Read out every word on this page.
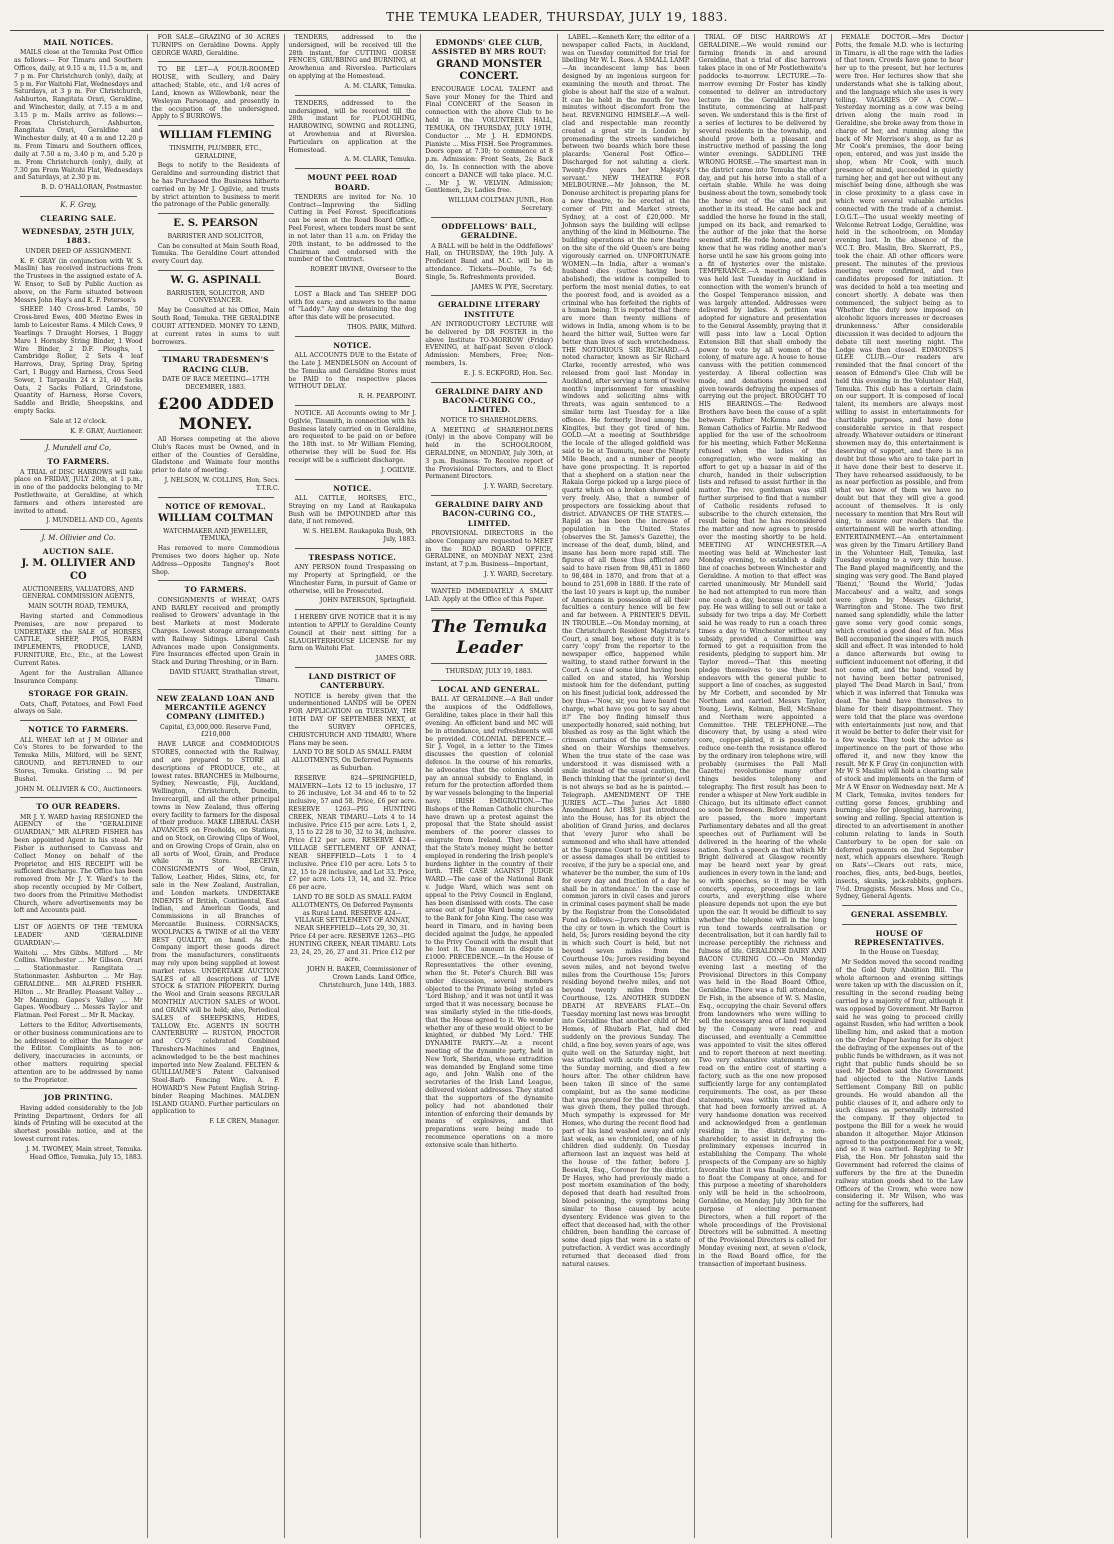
THE TEMUKA LEADER, THURSDAY, JULY 19, 1883.
MAIL NOTICES.

MAILS close at the Temuka Post Office as follows:— For Timaru and Southern Offices, daily, at 9.15 a m, 11.5 a m, and 7 p m. For Christchurch (only), daily, at 5 p m. For Waitohi Flat, Wednesdays and Saturdays, at 3 p m. For Christchurch, Ashburton, Rangitata Orari, Geraldine, and Winchester, daily, at 7.15 a m and 3.15 p m. Mails arrive as follows:— From Christchurch, Ashburton, Rangitata Orari, Geraldine and Winchester daily, at 40 a m and 12.20 p m. From Timaru and Southern offices, daily at 7.50 a m, 3.40 p m, and 5.20 p m. From Christchurch (only), daily, at 7.30 pm From Waitohi Flat, Wednesdays and Saturdays, at 2.30 p m.

B. D. O'HALLORAN, Postmaster.

K. F. Gray,
CLEARING SALE.
WEDNESDAY, 25TH JULY, 1883.

UNDER DEED OF ASSIGNMENT.

K. F. GRAY (in conjunction with W. S. Maslin) has received instructions from the Trustees in the assigned estate of A. W. Ensor, to Sell by Public Auction as above, on the Farm situated between Messrs John Hay's and K. F. Peterson's

SHEEP. 140 Cross-bred Lambs, 50 Cross-bred Ewes, 400 Merino Ewes in lamb to Leicester Rams. 4 Milch Cows, 9 Yearlings 7 Draught Horses, 1 Buggy Mare 1 Hornsby String Binder, 1 Wood Wire Binder, 2 D.F. Ploughs, 1 Cambridge Roller, 2 Sets 4 leaf Harrows, Dray, Spring Dray, Spring Cart, 1 Buggy and Harness, Cross Seed Sower, 1 Tarpaulin 24 x 21, 40 Sacks Oats, 2 Sacks Pollard, Grindstone, Quantity of Harness, Horse Covers, Saddle and Bridle, Sheepskins, and empty Sacks.

Sale at 12 o'clock.

K. F. GRAY, Auctioneer.

J. Mundell and Co,
TO FARMERS.

A TRIAL of DISC HARROWS will take place on FRIDAY, JULY 20th, at 1 p.m., in one of the paddocks belonging to Mr Postlethwaite, at Geraldine, at which farmers and others interested are invited to attend.

J. MUNDELL AND CO., Agents

J. M. Ollivier and Co.
AUCTION SALE.
J. M. OLLIVIER AND CO

AUCTIONEERS, VALUATORS, AND GENERAL COMMISSION AGENTS,

MAIN SOUTH ROAD, TEMUKA,

Having started and Commodious Premises, are now prepared to UNDERTAKE the SALE of HORSES, CATTLE, SHEEP, PIGS, FARM IMPLEMENTS, PRODUCE, LAND, FURNITURE, Etc., Etc., at the Lowest Current Rates.

Agent for the Australian Alliance Insurance Company.

STORAGE FOR GRAIN.

Oats, Chaff, Potatoes, and Fowl Feed always on Sale.

NOTICE TO FARMERS.

ALL WHEAT left at J M Ollivier and Co's Stores to be forwarded to the Temuka Mills, Milford, will be SENT, GROUND, and RETURNED to our Stores, Temuka. Gristing ... 9d per Bushel.

JOHN M. OLLIVIER & CO., Auctioneers.

TO OUR READERS.

MR J. Y. WARD having RESIGNED the AGENCY of the "GERALDINE GUARDIAN," MR ALFRED FISHER has been appointed Agent in his stead. Mr Fisher is authorised to Canvass and Collect Money on behalf of the Proprietor, and HIS RECEIPT will be sufficient discharge. The Office has been removed from Mr J. Y. Ward's to the shop recently occupied by Mr Colbert, two doors from the Primitive Methodist Church, where advertisements may be left and Accounts paid.

LIST OF AGENTS OF THE 'TEMUKA LEADER' AND 'GERALDINE GUARDIAN':—

Waitohi ... Mrs Gibbs. Milford ... Mr Collins. Winchester ... Mr Gibson. Orari ... Stationmaster. Rangitata ... Stationmaster. Ashburton ... Mr Hay. GERALDINE... MR ALFRED FISHER. Hilton ... Mr Bradley. Pleasant Valley ... Mr Manning. Gapes's Valley ... Mr Gapes. Woodbury ... Messrs Taylor and Flatman. Peel Forest ... Mr R. Mackay.

Letters to the Editor, Advertisements, or other business communications are to be addressed to either the Manager or the Editor. Complaints as to non-delivery, inaccuracies in accounts, or other matters requiring special attention are to be addressed by name to the Proprietor.

JOB PRINTING.

Having added considerably to the Job Printing Department, Orders for all kinds of Printing will be executed at the shortest possible notice, and at the lowest current rates.

J. M. TWOMEY, Main street, Temuka. Head Office, Temuka, July 15, 1883.

FOR SALE—GRAZING of 30 ACRES TURNIPS on Geraldine Downs. Apply GEORGE WARD, Geraldine.

TO BE LET—A FOUR-ROOMED HOUSE, with Scullery, and Dairy attached; Stable, etc., and 1/4 acres of Land, known as Willowbank, near the Wesleyan Parsonage, and presently in the occupation of the undersigned. Apply to S BURROWS.

WILLIAM FLEMING

TINSMITH, PLUMBER, ETC., GERALDINE,

Begs to notify to the Residents of Geraldine and surrounding district that he has Purchased the Business hitherto carried on by Mr J. Ogilvie, and trusts by strict attention to business to merit the patronage of the Public generally.

E. S. PEARSON

BARRISTER AND SOLICITOR,

Can be consulted at Main South Road, Temuka. The Geraldine Court attended every Court day.

W. G. ASPINALL

BARRISTER, SOLICITOR, AND CONVEYANCER.

May be Consulted at his Office, Main South Road, Temuka. THE GERALDINE COURT ATTENDED. MONEY TO LEND, at current rates in sums to suit borrowers.

TIMARU TRADESMEN'S RACING CLUB.

DATE OF RACE MEETING—17TH DECEMBER, 1883.

£200 ADDED MONEY.

All Horses competing at the above Club's Races must be Owned, and in either of the Counties of Geraldine, Gladstone and Waimate four months prior to date of meeting.

J. NELSON, W. COLLINS, Hon. Secs. T.T.R.C.

NOTICE OF REMOVAL.
WILLIAM COLTMAN

WATCHMAKER AND JEWELLER, TEMUKA,

Has removed to more Commodious Premises two doors higher up. Note Address—Opposite Tangney's Boot Shop.

TO FARMERS.

CONSIGNMENTS of WHEAT, OATS AND BARLEY received and promptly realised to Growers' advantage in the best Markets at most Moderate Charges. Lowest storage arrangements with Railway Sidings. Liberal Cash Advances made upon Consignments. Fire Insurances effected upon Grain in Stack and During Threshing, or in Barn.

DAVID STUART, Strathallan street, Timaru.

NEW ZEALAND LOAN AND MERCANTILE AGENCY COMPANY (LIMITED.)

Capital, £3,000,000. Reserve Fund, £210,000

HAVE LARGE and COMMODIOUS STORES, connected with the Railway, and are prepared to STORE all descriptions of PRODUCE, etc., at lowest rates. BRANCHES in Melbourne, Sydney, Newcastle, Fiji, Auckland, Wellington, Christchurch, Dunedin, Invercargill, and all the other principal towns in New Zealand, thus offering every facility to farmers for the disposal of their produce. MAKE LIBERAL CASH ADVANCES on Freeholds, on Stations, and on Stock, on Growing Clips of Wool, and on Growing Crops of Grain, also on all sorts of Wool, Grain, and Produce while in Store. RECEIVE CONSIGNMENTS of Wool, Grain, Tallow, Leather, Hides, Skins, etc, for sale in the New Zealand, Australian, and London markets. UNDERTAKE INDENTS of British, Continental, East Indian, and American Goods, and Commissions in all Branches of Mercantile Business. CORNSACKS, WOOLPACKS & TWINE of all the VERY BEST QUALITY, on hand. As the Company import these goods direct from the manufacturers, constituents may rely upon being supplied at lowest market rates. UNDERTAKE AUCTION SALES of all descriptions of LIVE STOCK & STATION PROPERTY. During the Wool and Grain seasons REGULAR MONTHLY AUCTION SALES of WOOL and GRAIN will be held; also, Periodical SALES of SHEEPSKINS, HIDES, TALLOW, Etc. AGENTS IN SOUTH CANTERBURY — RUSTON, PROCTOR and CO'S celebrated Combined Threshers-Machines and Engines, acknowledged to be the best machines imported into New Zealand. FELTEN & GUILLIAUME'S Patent Galvanised Steel-Barb Fencing Wire. A. F. HOWARD'S New Patent English String-binder Reaping Machines. MALDEN ISLAND GUANO. Further particulars on application to

F. LE CREN, Manager.

TENDERS, addressed to the undersigned, will be received till the 28th instant, for CUTTING GORSE FENCES, GRUBBING and BURNING, at Arowhenua and Riverslea. Particulars on applying at the Homestead.

A. M. CLARK, Temuka.

TENDERS, addressed to the undersigned, will be received till the 28th instant for PLOUGHING, HARROWING, SOWING and ROLLING, at Arowhenua and at Riverslea. Particulars on application at the Homestead.

A. M. CLARK, Temuka.

MOUNT PEEL ROAD BOARD.

TENDERS are invited for No. 10 Contract—Improving the Sidling Cutting in Peel Forest. Specifications can be seen at the Road Board Office, Peel Forest, where tenders must be sent in not later than 11 a.m. on Friday the 20th instant, to be addressed to the Chairman and endorsed with the number of the Contract.

ROBERT IRVINE, Overseer to the Board.

LOST a Black and Tan SHEEP DOG with fox ears; and answers to the name of "Laddy." Any one detaining the dog after this date will be prosecuted.

THOS. PARK, Milford.

NOTICE.

ALL ACCOUNTS DUE to the Estate of the Late J. MENDELSON on Account of the Temuka and Geraldine Stores must be PAID to the respective places WITHOUT DELAY.

R. H. PEARPOINT.

NOTICE. All Accounts owing to Mr J. Ogilvie, Tinsmith, in connection with his Business lately carried on in Geraldine, are requested to be paid on or before the 18th inst. to Mr William Fleming, otherwise they will be Sued for. His receipt will be a sufficient discharge.

J. OGILVIE.

NOTICE.

ALL CATTLE, HORSES, ETC., Straying on my Land at Raukapuka Bush will be IMPOUNDED after this date, if not removed.

W. S. HELEM. Raukapuka Bush, 9th July, 1883.

TRESPASS NOTICE.

ANY PERSON found Trespassing on my Property at Springfield, or the Winchester Farm, in pursuit of Game or otherwise, will be Prosecuted.

JOHN PATERSON, Springfield.

I HEREBY GIVE NOTICE that it is my intention to APPLY to Geraldine County Council at their next sitting for a SLAUGHTERHOUSE LICENSE for my farm on Waitohi Flat.

JAMES ORR.

LAND DISTRICT OF CANTERBURY.

NOTICE is hereby given that the undermentioned LANDS will be OPEN FOR APPLICATION on TUESDAY, THE 18TH DAY OF SEPTEMBER NEXT, at the SURVEY OFFICES, CHRISTCHURCH AND TIMARU, Where Plans may be seen.

LAND TO BE SOLD AS SMALL FARM ALLOTMENTS, On Deferred Payments as Suburban.

RESERVE 824—SPRINGFIELD, MALVERN—Lots 12 to 15 inclusive, 17 to 26 inclusive, Lot 34 and 46 to to 52 inclusive, 57 and 58. Price, £6 per acre. RESERVE 1263—PIG HUNTING CREEK, NEAR TIMARU—Lots 4 to 14 inclusive. Price £15 per acre. Lots 1, 2, 3, 15 to 22 28 to 30, 32 to 34, inclusive. Price £12 per acre. RESERVE 424—VILLAGE SETTLEMENT OF ANNAT, NEAR SHEFFIELD—Lots 1 to 4 inclusive. Price £10 per acre. Lots 5 to 12, 15 to 28 inclusive, and Lot 33. Price, £7 per acre. Lots 13, 14, and 32. Price £6 per acre.

LAND TO BE SOLD AS SMALL FARM ALLOTMENTS, On Deferred Payments as Rural Land. RESERVE 424—VILLAGE SETTLEMENT OF ANNAT, NEAR SHEFFIELD—Lots 29, 30, 31. Price £4 per acre. RESERVE 1263—PIG HUNTING CREEK, NEAR TIMARU. Lots 23, 24, 25, 26, 27 and 31. Price £12 per acre.

JOHN H. BAKER, Commissioner of Crown Lands. Land Office, Christchurch, June 14th, 1883.

EDMONDS' GLEE CLUB, ASSISTED BY MRS ROUT:
GRAND MONSTER CONCERT.

ENCOURAGE LOCAL TALENT and Save your Money for the Third and Final CONCERT of the Season in connection with the above Club to be held in the VOLUNTEER HALL, TEMUKA, ON THURSDAY, JULY 19TH, Conductor ... Mr J. H. EDMONDS. Pianiste ... Miss FISH. See Programmes. Doors open at 7.30; to commence at 8 p.m. Admission: Front Seats, 2s; Back do, 1s. In connection with the above concert a DANCE will take place. M.C. ... Mr J. W. VELVIN. Admission; Gentlemen, 2s; Ladies free.

WILLIAM COLTMAN JUNR., Hon Secretary.

ODDFELLOWS' BALL, GERALDINE.

A BALL will be held in the Oddfellows' Hall, on THURSDAY, the 19th July. A Proficient Band and M.C. will be in attendance. Tickets—Double, 7s 6d; Single, 5s. Refreshments provided.

JAMES W. PYE, Secretary.

GERALDINE LITERARY INSTITUTE

AN INTRODUCTORY LECTURE will be delivered by DR FOSTER in the above Institute TO-MORROW (Friday) EVENING, at half-past Seven o'clock. Admission: Members, Free; Non-members, 1s.

E. J. S. ECKFORD, Hon. Sec.

GERALDINE DAIRY AND BACON-CURING CO., LIMITED.

NOTICE TO SHAREHOLDERS.

A MEETING of SHAREHOLDERS (Only) in the above Company will be held in the SCHOOLROOM, GERALDINE, on MONDAY, July 30th, at 3 p.m. Business: To Receive report of the Provisional Directors, and to Elect Permanent Directors.

J. Y. WARD, Secretary.

GERALDINE DAIRY AND BACON-CURING CO., LIMITED.

PROVISIONAL DIRECTORS in the above Company are requested to MEET in the ROAD BOARD OFFICE, GERALDINE, on MONDAY NEXT, 23rd instant, at 7 p.m. Business—Important,

J. Y. WARD, Secretary.

WANTED IMMEDIATELY A SMART LAD. Apply at the Office of this Paper.

The Temuka Leader

THURSDAY, JULY 19, 1883.

LOCAL AND GENERAL.

BALL AT GERALDINE.—A Ball under the auspices of the Oddfellows, Geraldine, takes place in their hall this evening. An efficient band and MC will be in attendance, and refreshments will be provided. COLONIAL DEFENCE.—Sir J. Vogel, in a letter to the Times discusses the question of colonial defence. In the course of his remarks, he advocates that the colonies should pay an annual subsidy to England, in return for the protection afforded them by war vessels belonging to the Imperial navy. IRISH EMIGRATION.—The Bishops of the Roman Catholic churches have drawn up a protest against the proposal that the State should assist members of the poorer classes to emigrate from Ireland. They contend that the State's money might be better employed in rendering the Irish people's burdens lighter in the country of their birth. THE CASE AGAINST JUDGE WARD.—The case of the National Bank v. Judge Ward, which was sent on appeal to the Privy Council in England, has been dismissed with costs. The case arose out of Judge Ward being security to the Bank for John King. The case was heard in Timaru, and in having been decided against the Judge, he appealed to the Privy Council with the result that he lost it. The amount in dispute is £1000. PRECEDENCE.—In the House of Representatives the other evening, when the St. Peter's Church Bill was under discussion, several members objected to the Primate being styled as 'Lord Bishop,' and it was not until it was urged that it was necessary, because he was similarly styled in the title-deeds, that the House agreed to it. We wonder whether any of these would object to be knighted, or dubbed 'My Lord.' THE DYNAMITE PARTY.—At a recent meeting of the dynamite party, held in New York, Sheridan, whose extradition was demanded by England some time ago, and John Walsh one of the secretaries of the Irish Land League, delivered violent addresses. They stated that the supporters of the dynamite policy had not abandoned their intention of enforcing their demands by means of explosives, and that preparations were being made to recommence operations on a more extensive scale than hitherto.

LABEL.—Kenneth Kerr, the editor of a newspaper called Facts, in Auckland, was on Tuesday committed for trial for libelling Mr W. L. Rees. A SMALL LAMP.—An incandescent lamp has been designed by an ingenious surgeon for examining the mouth and throat. The globe is about half the size of a walnut. It can be held in the mouth for two minutes without discomfort from the heat. REVENGING HIMSELF.—A well-clad and respectable man recently created a great stir in London by promenading the streets sandwiched between two boards which bore these placards: 'General Post Office—Discharged for not saluting a clerk. Twenty-five years her Majesty's servant.' NEW THEATRE FOR MELBOURNE.—Mr Johnson, the M. Donouse architect is preparing plans for a new theatre, to be erected at the corner of Pitt and Market streets, Sydney, at a cost of £20,000. Mr Johnson says the building will eclipse anything of the kind in Melbourne. The building operations at the new theatre on the site of the old Queen's are being vigorously carried on. UNFORTUNATE WOMEN.—In India, after a woman's husband dies (suttee having been abolished), the widow is compelled to perform the most menial duties, to eat the poorest food, and is avoided as a criminal who has forfeited the rights of a human being. It is reported that there are more than twenty millions of widows in India, among whom is to be heard the bitter wail, Suttee were far better than lives of such wretchedness. THE NOTORIOUS SIR RICHARD.—A noted character, known as Sir Richard Clarke, recently arrested, who was released from gaol last Monday in Auckland, after serving a term of twelve month's imprisonment for smashing windows and soliciting alms with threats, was again sentenced to a similar term last Tuesday for a like offence. He formerly lived among the Kingites, but they got tired of him. GOLD.—At a meeting at Southbridge the locale of the alleged goldfield was said to be at Taumutu, near the Ninety Mile Beach, and a number of people have gone prospecting. It is reported that a shepherd on a station near the Rakaia Gorge picked up a large piece of quartz which on a broken showed gold very freely. Also, that a number of prospectors are fossicking about that district. ADVANCES OF THE STATES.—Rapid as has been the increase of population in the United States (observes the St. James's Gazette), the increase of the deaf, dumb, blind, and insane has been more rapid still. The figures of all those thus afflicted are said to have risen from 98,451 in 1860 to 98,484 in 1870, and from that at a bound to 251,698 in 1880. If the rate of the last 10 years is kept up, the number of Americans in possession of all their faculties a century hence will be few and far between. A PRINTER'S DEVIL IN TROUBLE.—On Monday morning, at the Christchurch Resident Magistrate's Court, a small boy, whose duty it is to carry 'copy' from the reporter to the newspaper office, happened while waiting, to stand rather forward in the Court. A case of some kind having been called on and stated, his Worship mistook him for the defendant, putting on his finest judicial look, addressed the boy thus—'Now, sir, you have heard the charge, what have you got to say about it?' The boy finding himself thus unexpectedly honored, said nothing, but blushed as rosy as the light which the crimson curtains of the new cemetery shed on their Worships themselves. When the true state of the case was understood it was dismissed with a smile instead of the usual caution, the Bench thinking that the (printer's) devil is not always so bad as he is painted.—Telegraph. AMENDMENT OF THE JURIES ACT.—The Juries Act 1880 Amendment Act 1883 just introduced into the House, has for its object the abolition of Grand Juries, and declares that 'every Juror who shall be summoned and who shall have attended at the Supreme Court to try civil issues or assess damages shall be entitled to receive, if the jury be a special one, and whatever be the number, the sum of 10s for every day and fraction of a day he shall be in attendance.' In the case of common jurors in civil cases and jurors in criminal cases payment shall be made by the Registrar from the Consolidated Fund as follows:—Jurors residing within the city or town in which the Court is held, 5s; Jurors residing beyond the city in which such Court is held, but not beyond seven miles from the Courthouse 10s; Jurors residing beyond seven miles, and not beyond twelve miles from the Courthouse 15s; Jurors residing beyond twelve miles, and not beyond twenty miles from the Courthouse, 12s. ANOTHER SUDDEN DEATH AT REVEARS FLAT.—On Tuesday morning last news was brought into Geraldine that another child of Mr Homes, of Rhubarb Flat, had died suddenly on the previous Sunday. The child, a fine boy, seven years of age, was quite well on the Saturday night, but was attacked with acute dysentery on the Sunday morning, and died a few hours after. The other children have been taken ill since of the same complaint, but as the same medicine that was procured for the one that died was given them, they pulled through. Much sympathy is expressed for Mr Homes, who during the recent flood had part of his land washed away and only last week, as we chronicled, one of his children died suddenly. On Tuesday afternoon last an inquest was held at the house of the father, before J. Beswick, Esq., Coroner for the district. Dr Hayes, who had previously made a post mortem examination of the body, deposed that death had resulted from blood poisoning, the symptoms being similar to those caused by acute dysentery. Evidence was given to the effect that deceased had, with the other children, been handling the carcase of some dead pigs that were in a state of putrefaction. A verdict was accordingly returned that deceased died from natural causes.

TRIAL OF DISC HARROWS AT GERALDINE.—We would remind our farming friends in and around Geraldine, that a trial of disc harrows takes place in one of Mr Postlethwaite's paddocks to-morrow. LECTURE.—To-morrow evening Dr Foster has kindly consented to deliver an introductory lecture in the Geraldine Literary Institute, commencing at half-past seven. We understand this is the first of a series of lectures to be delivered by several residents in the township, and should prove both a pleasant and instructive method of passing the long winter evenings. SADDLING THE WRONG HORSE.—The smartest man in the district came into Temuka the other day, and put his horse into a stall of a certain stable. While he was doing business about the town, somebody took the horse out of the stall and put another in its stead. He came back and saddled the horse he found in the stall, jumped on its back, and remarked to the author of the joke that the horse seemed stiff. He rode home, and never knew that he was riding another man's horse until he saw his groom going into a fit of hysterics over the mistake. TEMPERANCE.—A meeting of ladies was held last Tuesday in Auckland in connection with the women's branch of the Gospel Temperance mission, and was largely attended. Addresses were delivered by ladies. A petition was adopted for signature and presentation to the General Assembly, praying that it will pass into law a Local Option Extension Bill that shall embody the power to vote by all women of the colony, of mature age. A house to house canvass with the petition commenced yesterday. A liberal collection was made, and donations promised and given towards defraying the expenses of carrying out the project. BROUGHT TO HIS BEARINGS.—The Redwood Brothers have been the cause of a split between Father McKenna and the Roman Catholics of Fairlie. Mr Redwood applied for the use of the schoolroom for his meeting, which Father McKenna refused when the ladies of the congregation, who were making an effort to get up a bazaar in aid of the church, handed in their subscription lists and refused to assist further in the matter. The rev. gentleman was still further surprised to find that a number of Catholic residents refused to subscribe to the church extension, the result being that he has reconsidered the matter and now agrees to preside over the meeting shortly to be held. MEETING AT WINCHESTER.—A meeting was held at Winchester last Monday evening, to establish a daily line of coaches between Winchester and Geraldine. A motion to that effect was carried unanimously. Mr Mundell said he had not attempted to run more than one coach a day, because it would not pay. He was willing to sell out or take a subsidy for two trips a day. Mr Corbett said he was ready to run a coach three times a day to Winchester without any subsidy, provided a Committee was formed to get a requisition from the residents, pledging to support him. Mr Taylor moved—'That this meeting pledge themselves to use their best endeavors with the general public to support a line of coaches, as suggested by Mr Corbett, and seconded by Mr Northam and carried. Messrs Taylor, Young, Lewis, Kelman, Bell, McShane and Northam were appointed a Committee. THE TELEPHONE.—The discovery that, by using a steel wire core, copper-plated, it is possible to reduce one-tenth the resistance offered by the ordinary iron telephone wire, will probably (surmises the Pall Mall Gazette) revolutionise many other things besides telephony and telegraphy. The first result has been to render a whisper at New York audible in Chicago, but its ultimate effect cannot so soon be foreseen. Before many years are passed, the more important Parliamentary debates and all the great speeches out of Parliament will be delivered in the hearing of the whole nation. Such a speech as that which Mr Bright delivered at Glasgow recently may be heard next year by great audiences in every town in the land; and so with speeches, so it may be with concerts, operas, proceedings in law courts, and everything else where pleasure depends not upon the eye but upon the ear. It would be difficult to say whether the telephone will in the long run tend towards centralisation or decentralisation, but it can hardly fail to increase perceptibly the richness and fulness of life. GERALDINE DAIRY AND BACON CURING CO.—On Monday evening last a meeting of the Provisional Directors in this Company was held in the Road Board Office, Geraldine. There was a full attendance, Dr Fish, in the absence of W. S. Maslin, Esq., occupying the chair. Several offers from landowners who were willing to sell the necessary area of land required by the Company were read and discussed, and eventually a Committee was appointed to visit the sites offered and to report thereon at next meeting. Two very exhaustive statements were read on the entire cost of starting a factory, such as the one now proposed sufficiently large for any contemplated requirements. The cost, as per these statements, was within the estimate that had been formerly arrived at. A very handsome donation was received and acknowledged from a gentleman residing in the district, a non-shareholder, to assist in defraying the preliminary expenses incurred in establishing the Company. The whole prospects of the Company are so highly favorable that it was finally determined to float the Company at once, and for this purpose a meeting of shareholders only will be held in the schoolroom, Geraldine, on Monday, July 30th for the purpose of electing permanent Directors, when a full report of the whole proceedings of the Provisional Directors will be submitted. A meeting of the Provisional Directors is called for Monday evening next, at seven o'clock, in the Road Board office, for the transaction of important business.

FEMALE DOCTOR.—Mrs Doctor Potts, the female M.D. who is lecturing in Timaru, is all the rage with the ladies of that town. Crowds have gone to hear her up to the present, but her lectures were free. Her lectures show that she understands what she is talking about, and the language which she uses is very telling. VAGARIES OF A COW.—Yesterday morning as a cow was being driven along the main road in Geraldine, she broke away from those in charge of her, and running along the back of Mr Morrison's shop, as far as Mr Cook's premises, the door being open, entered, and was just inside the shop, when Mr Cook, with much presence of mind, succeeded in quietly turning her, and got her out without any mischief being done, although she was in close proximity to a glass case in which were several valuable articles connected with the trade of a chemist. I.O.G.T.—The usual weekly meeting of Welcome Retreat Lodge, Geraldine, was held in the schoolroom, on Monday evening last. In the absence of the W.C.T. Bro. Maslin, Bro. Skerratt, P.S., took the chair. All other officers were present. The minutes of the previous meeting were confirmed, and two candidates proposed for initiation. It was decided to hold a tea meeting and concert shortly. A debate was then commenced, the subject being as to 'Whether the duty now imposed on alcoholic liquors increases or decreases drunkenness.' After considerable discussion it was decided to adjourn the debate till next meeting night. The Lodge was then closed. EDMONDS'S GLEE CLUB.—Our readers are reminded that the final concert of the season of Edmond's Glee Club will be held this evening in the Volunteer Hall, Temuka. This club has a certain claim on our support. It is composed of local talent, its members are always most willing to assist in entertainments for charitable purposes, and have done considerable service in that respect already. Whatever outsiders or itinerant showmen may do, this entertainment is deserving of support, and there is no doubt but those who are to take part in it have done their best to deserve it. They have rehearsed assiduously, to be as near perfection as possible, and from what we know of them we have no doubt but that they will give a good account of themselves. It is only necessary to mention that Mrs Rout will sing, to assure our readers that the entertainment will be worth attending. ENTERTAINMENT.—An entertainment was given by the Timaru Artillery Band in the Volunteer Hall, Temuka, last Tuesday evening to a very thin house. The Band played magnificently, and the singing was very good. The Band played 'Rienzi,' 'Round the World,' 'Judas Maccabeus' and a waltz, and songs were given by Messrs Gilchrist, Warrington and Stone. The two first named sang splendidly, while the latter gave some very good comic songs, which created a good deal of fun. Miss Bell accompanied the singers with much skill and effect. It was intended to hold a dance afterwards but owing to sufficient inducement not offering, it did not come off, and the band, vexed by not having been better patronised, played 'The Dead March in Saul,' from which it was inferred that Temuka was dead. The band have themselves to blame for their disappointment. They were told that the place was overdone with entertainments just now, and that it would be better to defer their visit for a few weeks. They took the advice as impertinence on the part of those who offered it, and now they know the result. Mr K F Gray (in conjunction with Mr W S Maslin) will hold a clearing sale of stock and implements on the farm of Mr A W Ensor on Wednesday next. Mr A M Clark, Temuka, invites tenders for cutting gorse fences, grubbing and burning; also for ploughing, harrowing, sowing and rolling. Special attention is directed to an advertisement in another column relating to lands in South Canterbury to be open for sale on deferred payments on 2nd September next, which appears elsewhere. 'Rough on Rats'—Clears out rats, mice, roaches, flies, ants, bed-bugs, beetles, insects, skunks, jack-rabbits, gophers. 7½d. Druggists. Messrs. Moss and Co., Sydney, General Agents.

GENERAL ASSEMBLY.
HOUSE OF REPRESENTATIVES.

In the House on Tuesday,

Mr Seddon moved the second reading of the Gold Duty Abolition Bill. The whole afternoon and evening sittings were taken up with the discussion on it, resulting in the second reading being carried by a majority of four, although it was opposed by Government. Mr Barron said he was going to proceed civilly against Rusden, who had written a book libelling him, and asked that a motion on the Order Paper having for its object the defraying of the expenses out of the public funds be withdrawn, as it was not right that public funds should be so used. Mr Dodson said the Government had objected to the Native Lands Settlement Company Bill on public grounds. He would abandon all the public clauses of it, and adhere only to such clauses as personally interested the company. If they objected to postpone the Bill for a week he would abandon it altogether. Major Atkinson agreed to the postponement for a week, and so it was carried. Replying to Mr Fish, the Hon. Mr Johnston said the Government had referred the claims of sufferers by the fire at the Dunedin railway station goods shed to the Law Officers of the Crown, who were now considering it. Mr Wilson, who was acting for the sufferers, had
